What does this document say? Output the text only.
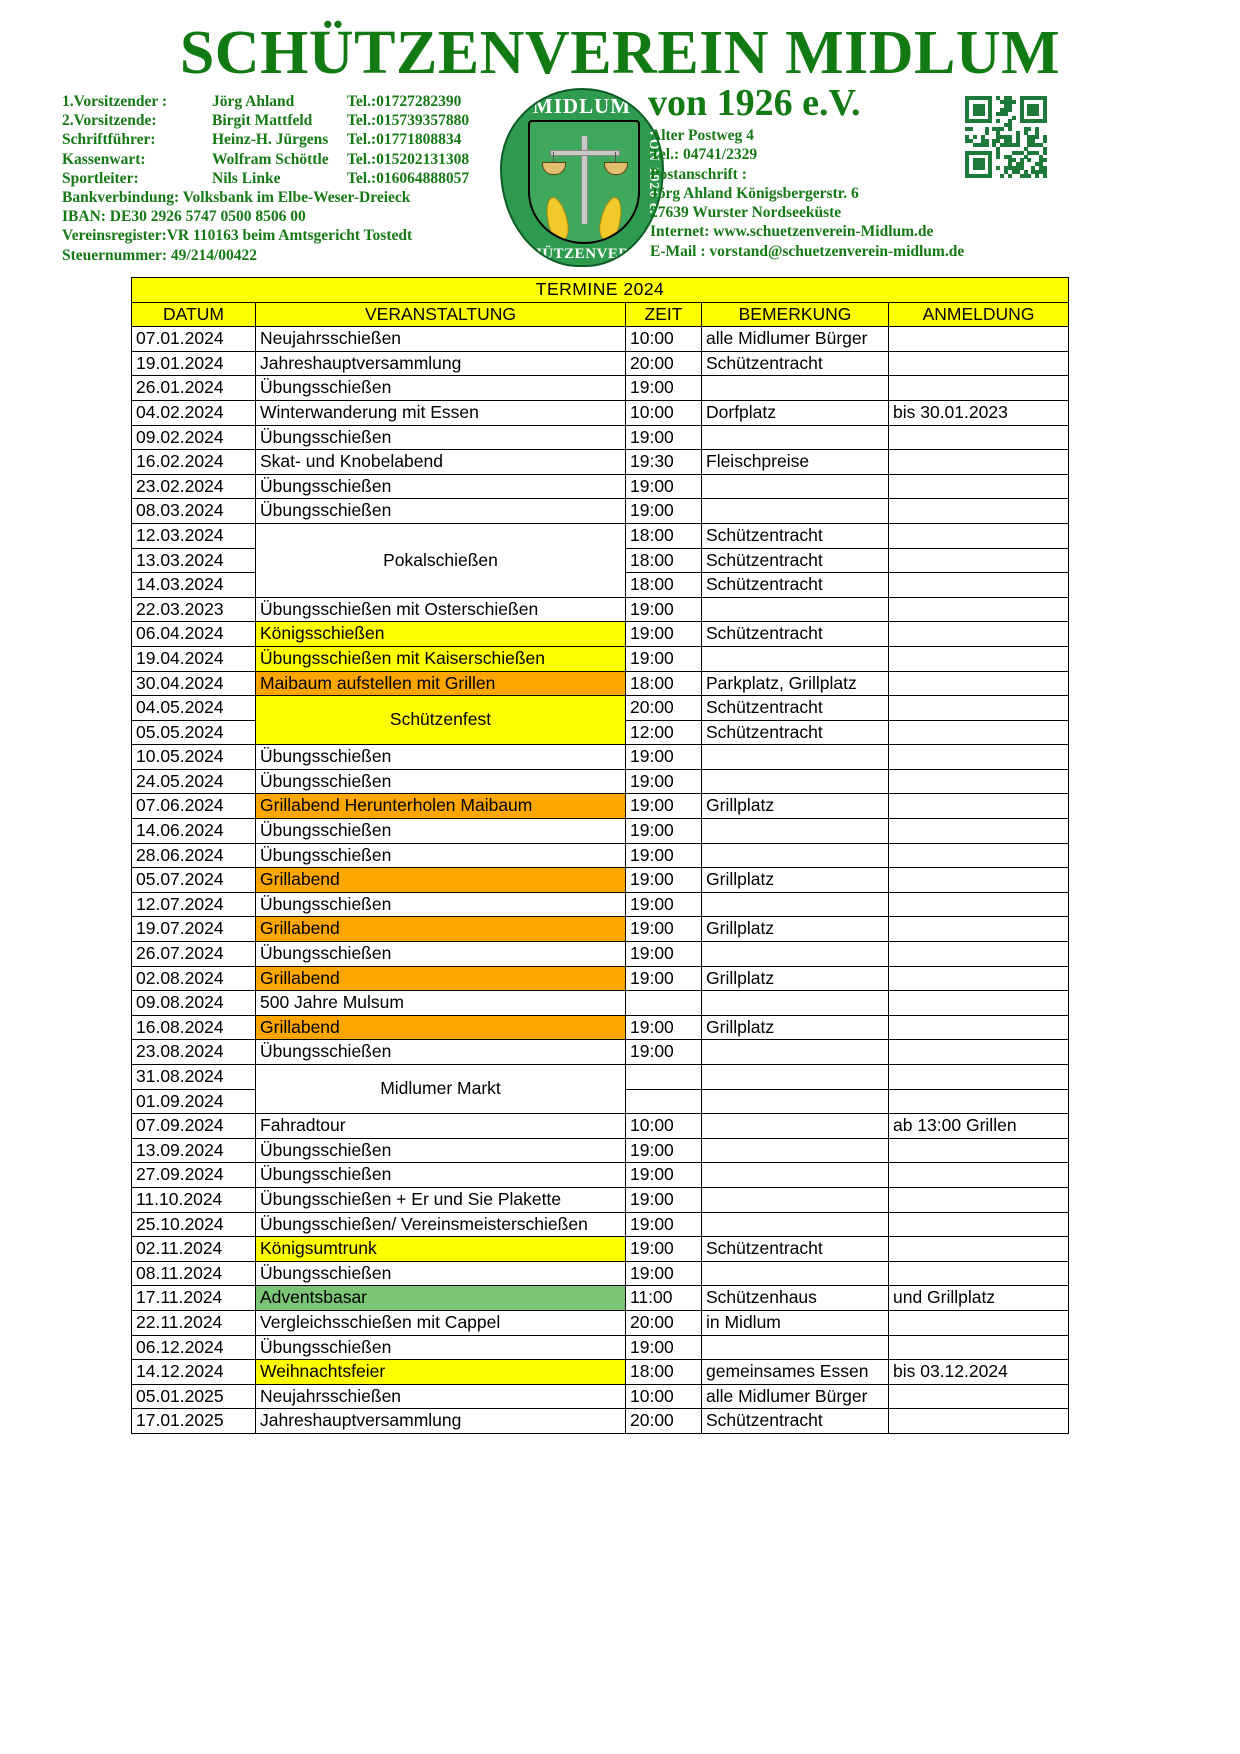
SCHÜTZENVEREIN MIDLUM
1.Vorsitzender :	Jörg Ahland	Tel.:01727282390
2.Vorsitzende:	Birgit Mattfeld	Tel.:015739357880
Schriftführer:	Heinz-H. Jürgens	Tel.:01771808834
Kassenwart:	Wolfram Schöttle	Tel.:015202131308
Sportleiter:	Nils Linke	Tel.:016064888057
Bankverbindung: Volksbank im Elbe-Weser-Dreieck
IBAN: DE30 2926 5747 0500 8506 00
Vereinsregister:VR 110163 beim Amtsgericht Tostedt
Steuernummer: 49/214/00422
MIDLUM
VON 1926 e.V.
SCHÜTZENVEREIN
von 1926 e.V.
Alter Postweg 4
Tel.: 04741/2329
Postanschrift :
Jörg Ahland Königsbergerstr. 6
27639 Wurster Nordseeküste
Internet: www.schuetzenverein-Midlum.de
E-Mail : vorstand@schuetzenverein-midlum.de
TERMINE 2024				
DATUM	VERANSTALTUNG	ZEIT	BEMERKUNG	ANMELDUNG
07.01.2024	Neujahrsschießen	10:00	alle Midlumer Bürger	
19.01.2024	Jahreshauptversammlung	20:00	Schützentracht	
26.01.2024	Übungsschießen	19:00		
04.02.2024	Winterwanderung mit Essen	10:00	Dorfplatz	bis 30.01.2023
09.02.2024	Übungsschießen	19:00		
16.02.2024	Skat- und Knobelabend	19:30	Fleischpreise	
23.02.2024	Übungsschießen	19:00		
08.03.2024	Übungsschießen	19:00		
12.03.2024	Pokalschießen	18:00	Schützentracht	
13.03.2024		18:00	Schützentracht	
14.03.2024		18:00	Schützentracht	
22.03.2023	Übungsschießen mit Osterschießen	19:00		
06.04.2024	Königsschießen	19:00	Schützentracht	
19.04.2024	Übungsschießen mit Kaiserschießen	19:00		
30.04.2024	Maibaum aufstellen mit Grillen	18:00	Parkplatz, Grillplatz	
04.05.2024	Schützenfest	20:00	Schützentracht	
05.05.2024		12:00	Schützentracht	
10.05.2024	Übungsschießen	19:00		
24.05.2024	Übungsschießen	19:00		
07.06.2024	Grillabend Herunterholen Maibaum	19:00	Grillplatz	
14.06.2024	Übungsschießen	19:00		
28.06.2024	Übungsschießen	19:00		
05.07.2024	Grillabend	19:00	Grillplatz	
12.07.2024	Übungsschießen	19:00		
19.07.2024	Grillabend	19:00	Grillplatz	
26.07.2024	Übungsschießen	19:00		
02.08.2024	Grillabend	19:00	Grillplatz	
09.08.2024	500 Jahre Mulsum			
16.08.2024	Grillabend	19:00	Grillplatz	
23.08.2024	Übungsschießen	19:00		
31.08.2024	Midlumer Markt			
01.09.2024				
07.09.2024	Fahradtour	10:00		ab 13:00 Grillen
13.09.2024	Übungsschießen	19:00		
27.09.2024	Übungsschießen	19:00		
11.10.2024	Übungsschießen + Er und Sie Plakette	19:00		
25.10.2024	Übungsschießen/ Vereinsmeisterschießen	19:00		
02.11.2024	Königsumtrunk	19:00	Schützentracht	
08.11.2024	Übungsschießen	19:00		
17.11.2024	Adventsbasar	11:00	Schützenhaus	und Grillplatz
22.11.2024	Vergleichsschießen mit Cappel	20:00	in Midlum	
06.12.2024	Übungsschießen	19:00		
14.12.2024	Weihnachtsfeier	18:00	gemeinsames Essen	bis 03.12.2024
05.01.2025	Neujahrsschießen	10:00	alle Midlumer Bürger	
17.01.2025	Jahreshauptversammlung	20:00	Schützentracht	
